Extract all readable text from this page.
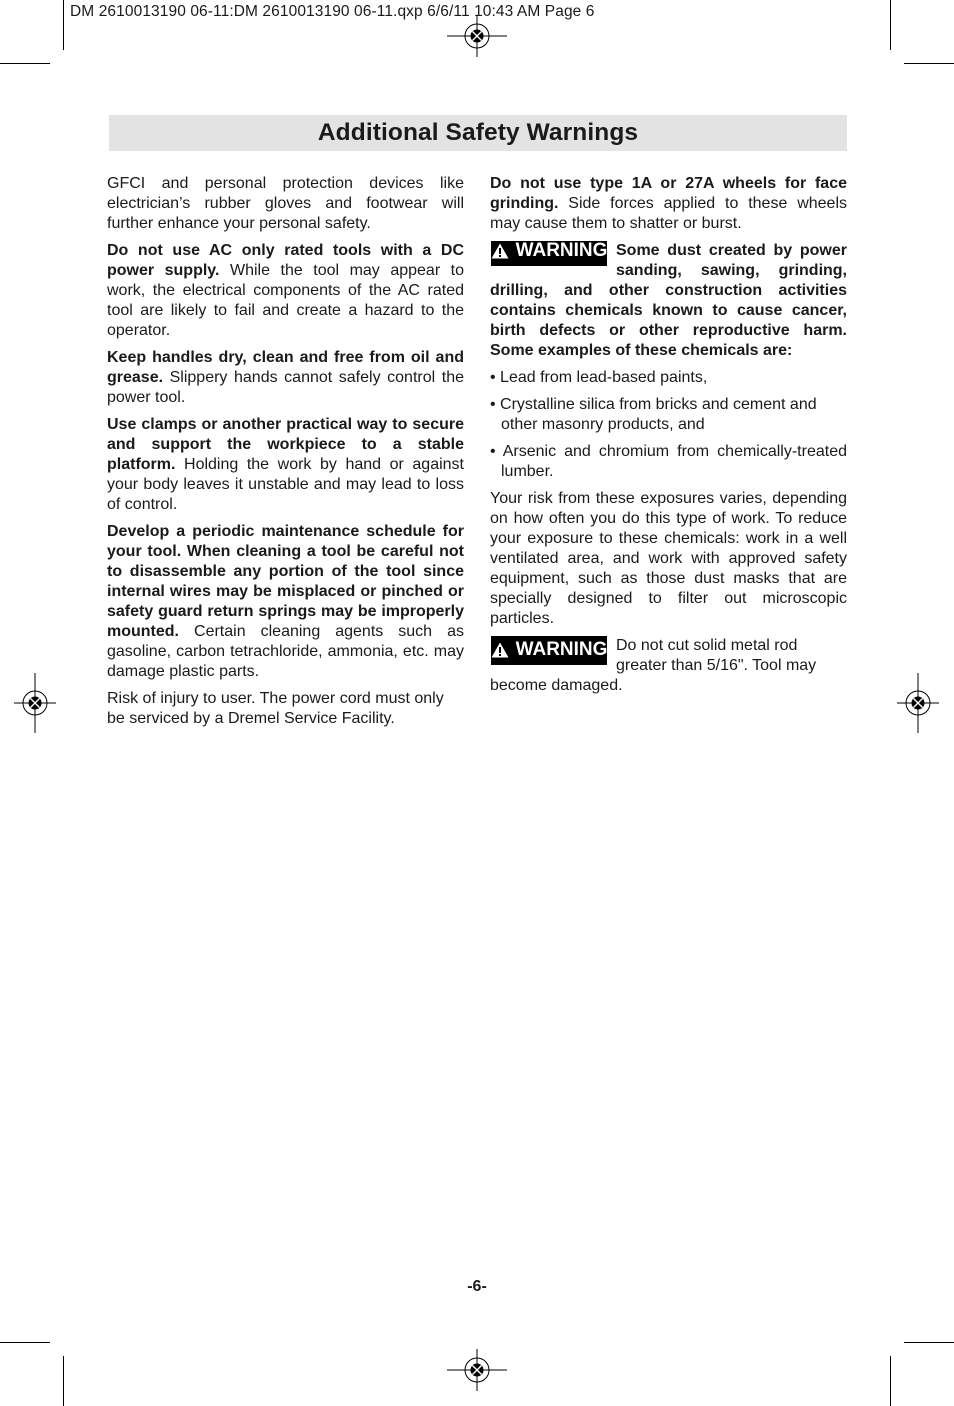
DM 2610013190 06-11:DM 2610013190 06-11.qxp 6/6/11 10:43 AM Page 6
Additional Safety Warnings

GFCI and personal protection devices like electrician’s rubber gloves and footwear will further enhance your personal safety.

Do not use AC only rated tools with a DC power supply. While the tool may appear to work, the electrical components of the AC rated tool are likely to fail and create a hazard to the operator.

Keep handles dry, clean and free from oil and grease. Slippery hands cannot safely control the power tool.

Use clamps or another practical way to secure and support the workpiece to a stable platform. Holding the work by hand or against your body leaves it unstable and may lead to loss of control.

Develop a periodic maintenance schedule for your tool. When cleaning a tool be careful not to disassemble any portion of the tool since internal wires may be misplaced or pinched or safety guard return springs may be improperly mounted. Certain cleaning agents such as gasoline, carbon tetrachloride, ammonia, etc. may damage plastic parts.

Risk of injury to user. The power cord must only be serviced by a Dremel Service Facility.

Do not use type 1A or 27A wheels for face grinding. Side forces applied to these wheels may cause them to shatter or burst.

WARNING Some dust created by power sanding, sawing, grinding, drilling, and other construction activities contains chemicals known to cause cancer, birth defects or other reproductive harm. Some examples of these chemicals are:

• Lead from lead-based paints,
• Crystalline silica from bricks and cement and other masonry products, and
• Arsenic and chromium from chemically-treated lumber.

Your risk from these exposures varies, depending on how often you do this type of work. To reduce your exposure to these chemicals: work in a well ventilated area, and work with approved safety equipment, such as those dust masks that are specially designed to filter out microscopic particles.

WARNING Do not cut solid metal rod greater than 5/16". Tool may become damaged.

-6-
